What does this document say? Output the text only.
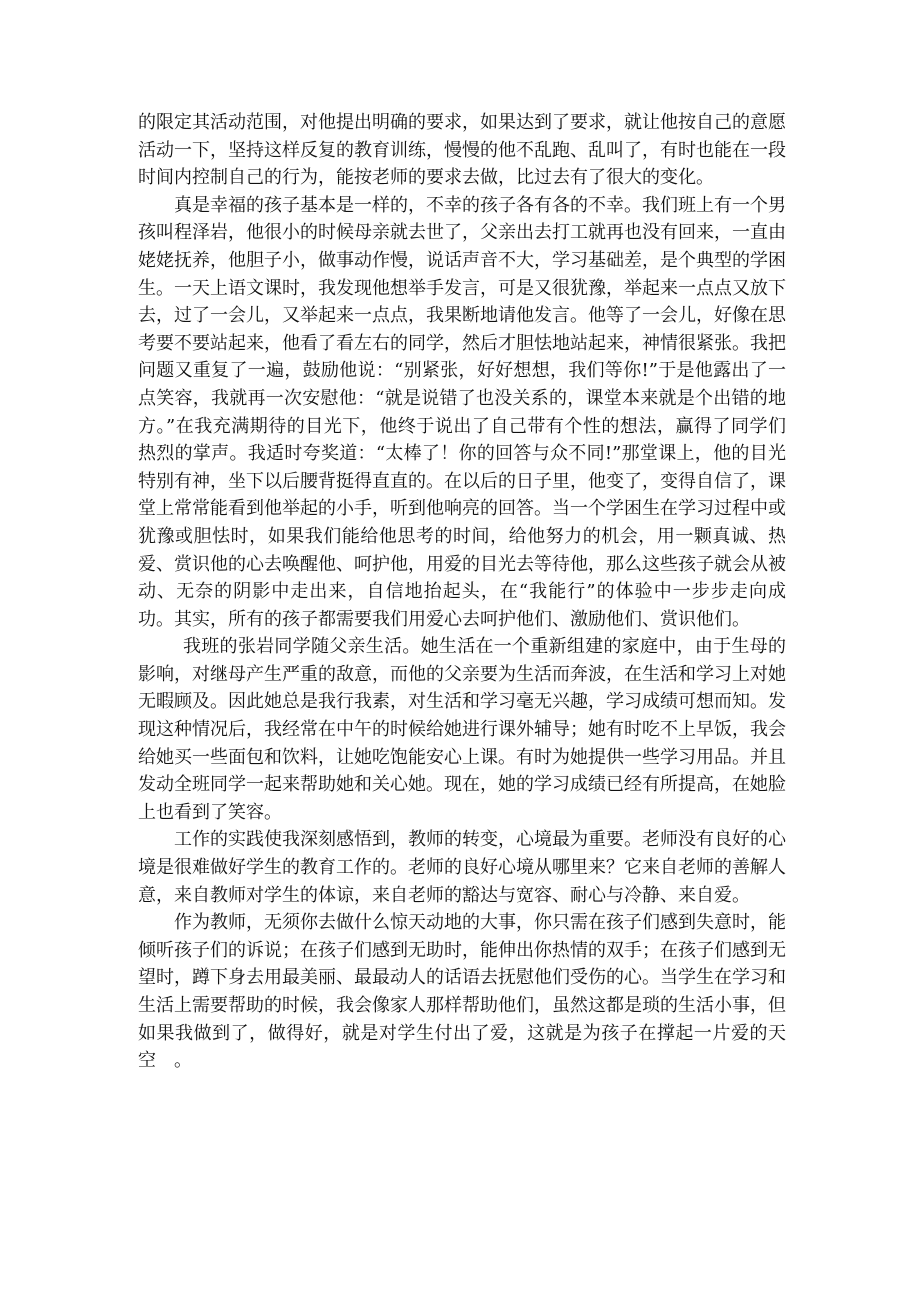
的限定其活动范围，对他提出明确的要求，如果达到了要求，就让他按自己的意愿活动一下，坚持这样反复的教育训练，慢慢的他不乱跑、乱叫了，有时也能在一段时间内控制自己的行为，能按老师的要求去做，比过去有了很大的变化。

真是幸福的孩子基本是一样的，不幸的孩子各有各的不幸。我们班上有一个男孩叫程泽岩，他很小的时候母亲就去世了，父亲出去打工就再也没有回来，一直由姥姥抚养，他胆子小，做事动作慢，说话声音不大，学习基础差，是个典型的学困生。一天上语文课时，我发现他想举手发言，可是又很犹豫，举起来一点点又放下去，过了一会儿，又举起来一点点，我果断地请他发言。他等了一会儿，好像在思考要不要站起来，他看了看左右的同学，然后才胆怯地站起来，神情很紧张。我把问题又重复了一遍，鼓励他说：“别紧张，好好想想，我们等你!”于是他露出了一点笑容，我就再一次安慰他：“就是说错了也没关系的，课堂本来就是个出错的地方。”在我充满期待的目光下，他终于说出了自己带有个性的想法，赢得了同学们热烈的掌声。我适时夸奖道：“太棒了！你的回答与众不同!”那堂课上，他的目光特别有神，坐下以后腰背挺得直直的。在以后的日子里，他变了，变得自信了，课堂上常常能看到他举起的小手，听到他响亮的回答。当一个学困生在学习过程中或犹豫或胆怯时，如果我们能给他思考的时间，给他努力的机会，用一颗真诚、热爱、赏识他的心去唤醒他、呵护他，用爱的目光去等待他，那么这些孩子就会从被动、无奈的阴影中走出来，自信地抬起头，在“我能行”的体验中一步步走向成功。其实，所有的孩子都需要我们用爱心去呵护他们、激励他们、赏识他们。

我班的张岩同学随父亲生活。她生活在一个重新组建的家庭中，由于生母的影响，对继母产生严重的敌意，而他的父亲要为生活而奔波，在生活和学习上对她无暇顾及。因此她总是我行我素，对生活和学习毫无兴趣，学习成绩可想而知。发现这种情况后，我经常在中午的时候给她进行课外辅导；她有时吃不上早饭，我会给她买一些面包和饮料，让她吃饱能安心上课。有时为她提供一些学习用品。并且发动全班同学一起来帮助她和关心她。现在，她的学习成绩已经有所提高，在她脸上也看到了笑容。

工作的实践使我深刻感悟到，教师的转变，心境最为重要。老师没有良好的心境是很难做好学生的教育工作的。老师的良好心境从哪里来？它来自老师的善解人意，来自教师对学生的体谅，来自老师的豁达与宽容、耐心与冷静、来自爱。

作为教师，无须你去做什么惊天动地的大事，你只需在孩子们感到失意时，能倾听孩子们的诉说；在孩子们感到无助时，能伸出你热情的双手；在孩子们感到无望时，蹲下身去用最美丽、最最动人的话语去抚慰他们受伤的心。当学生在学习和生活上需要帮助的时候，我会像家人那样帮助他们，虽然这都是琐的生活小事，但如果我做到了，做得好，就是对学生付出了爱，这就是为孩子在撑起一片爱的天空　。
